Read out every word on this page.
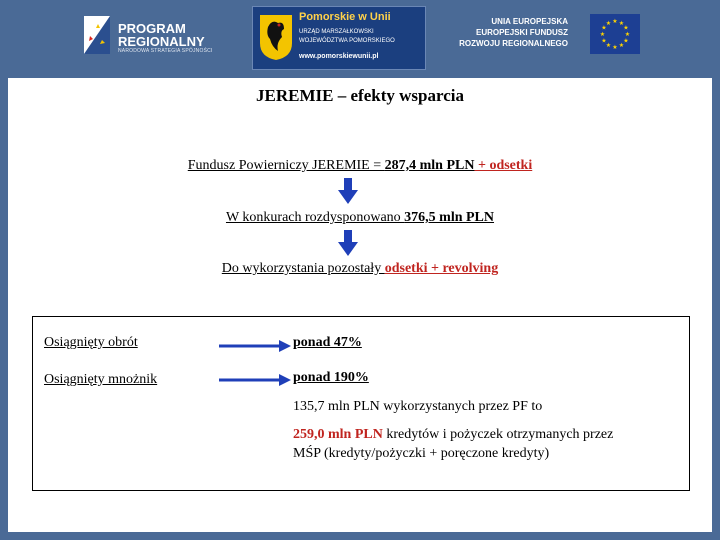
PROGRAM
REGIONALNY
NARODOWA STRATEGIA SPÓJNOŚCI
Pomorskie w Unii
URZĄD MARSZAŁKOWSKI
WOJEWÓDZTWA POMORSKIEGO
www.pomorskiewunii.pl
UNIA EUROPEJSKA
EUROPEJSKI FUNDUSZ
ROZWOJU REGIONALNEGO
★ ★
★
★
★
★
★
★
★
★
★
★
JEREMIE – efekty wsparcia
Fundusz Powierniczy JEREMIE = 287,4 mln PLN + odsetki
W konkurach rozdysponowano 376,5 mln PLN
Do wykorzystania pozostały odsetki + revolving
Osiągnięty obrót	ponad 47%
Osiągnięty mnożnik	ponad 190%
135,7 mln PLN wykorzystanych przez PF to
259,0 mln PLN kredytów i pożyczek otrzymanych przez
MŚP (kredyty/pożyczki + poręczone kredyty)
